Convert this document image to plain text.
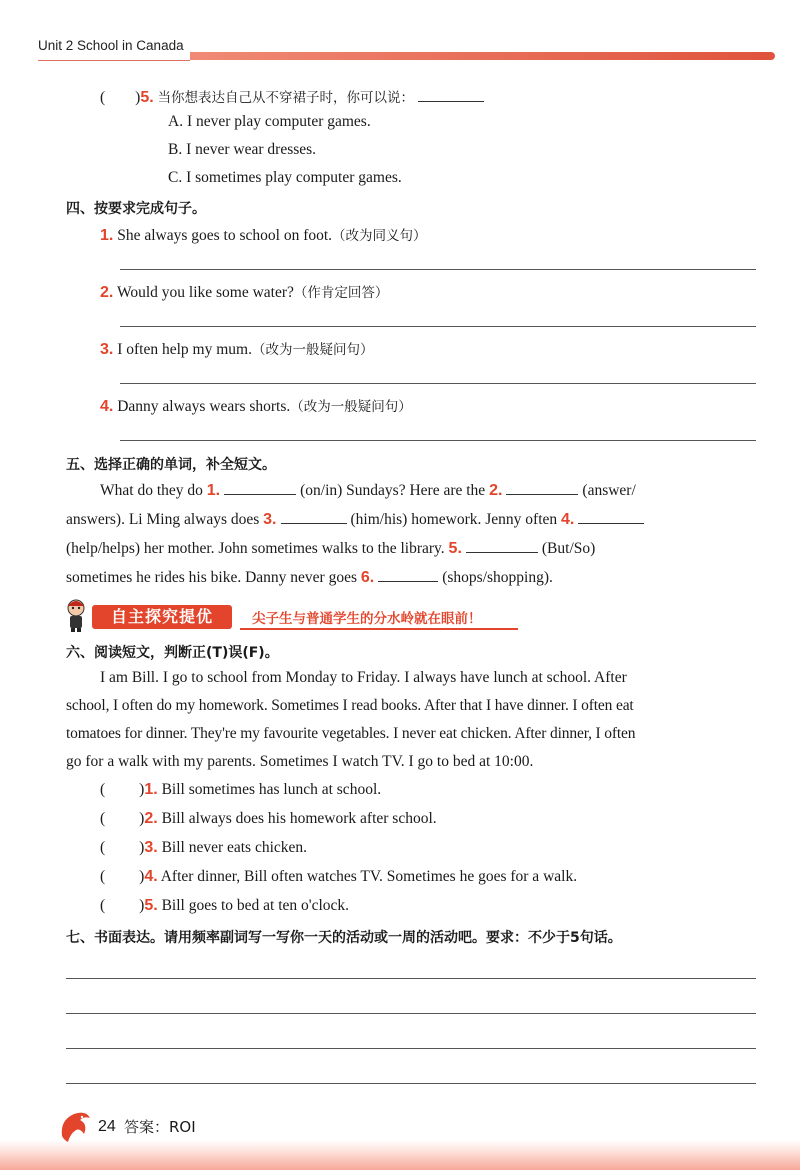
Unit 2 School in Canada
( )5. 当你想表达自己从不穿裙子时，你可以说：
A. I never play computer games.
B. I never wear dresses.
C. I sometimes play computer games.
四、按要求完成句子。
1. She always goes to school on foot.（改为同义句）
2. Would you like some water?（作肯定回答）
3. I often help my mum.（改为一般疑问句）
4. Danny always wears shorts.（改为一般疑问句）
五、选择正确的单词，补全短文。
What do they do 1.	(on/in) Sundays? Here are the 2.	(answer/
answers). Li Ming always does 3.	(him/his) homework. Jenny often 4.
(help/helps) her mother. John sometimes walks to the library. 5.	(But/So)
sometimes he rides his bike. Danny never goes 6.	(shops/shopping).
自主探究提优	尖子生与普通学生的分水岭就在眼前！
六、阅读短文，判断正(T)误(F)。
I am Bill. I go to school from Monday to Friday. I always have lunch at school. After
school, I often do my homework. Sometimes I read books. After that I have dinner. I often eat
tomatoes for dinner. They're my favourite vegetables. I never eat chicken. After dinner, I often
go for a walk with my parents. Sometimes I watch TV. I go to bed at 10:00.
( )1. Bill sometimes has lunch at school.
( )2. Bill always does his homework after school.
( )3. Bill never eats chicken.
( )4. After dinner, Bill often watches TV. Sometimes he goes for a walk.
( )5. Bill goes to bed at ten o'clock.
七、书面表达。请用频率副词写一写你一天的活动或一周的活动吧。要求：不少于5句话。
24 答案：ROI
